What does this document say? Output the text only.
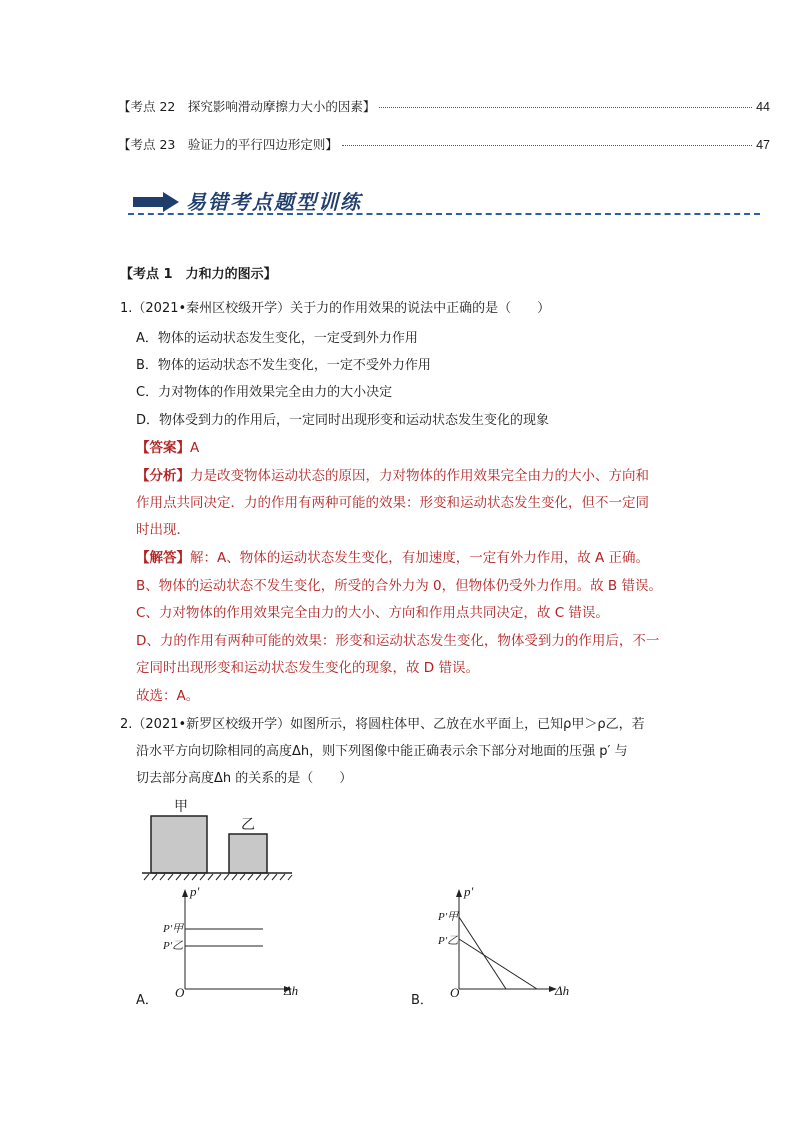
【考点 22　探究影响滑动摩擦力大小的因素】	44
【考点 23　验证力的平行四边形定则】	47
易错考点题型训练
【考点 1　力和力的图示】
1.（2021•秦州区校级开学）关于力的作用效果的说法中正确的是（　　）
A．物体的运动状态发生变化，一定受到外力作用
B．物体的运动状态不发生变化，一定不受外力作用
C．力对物体的作用效果完全由力的大小决定
D．物体受到力的作用后，一定同时出现形变和运动状态发生变化的现象
【答案】A
【分析】力是改变物体运动状态的原因，力对物体的作用效果完全由力的大小、方向和
作用点共同决定．力的作用有两种可能的效果：形变和运动状态发生变化，但不一定同
时出现．
【解答】解：A、物体的运动状态发生变化，有加速度，一定有外力作用，故 A 正确。
B、物体的运动状态不发生变化，所受的合外力为 0，但物体仍受外力作用。故 B 错误。
C、力对物体的作用效果完全由力的大小、方向和作用点共同决定，故 C 错误。
D、力的作用有两种可能的效果：形变和运动状态发生变化，物体受到力的作用后，不一
定同时出现形变和运动状态发生变化的现象，故 D 错误。
故选：A。
2.（2021•新罗区校级开学）如图所示，将圆柱体甲、乙放在水平面上，已知ρ甲＞ρ乙，若
沿水平方向切除相同的高度Δh，则下列图像中能正确表示余下部分对地面的压强 p′ 与
切去部分高度Δh 的关系的是（　　）
甲
乙
p′
P′甲
P′乙
O	Δh
A．
p′
P′甲
P′乙
O	Δh
B．
